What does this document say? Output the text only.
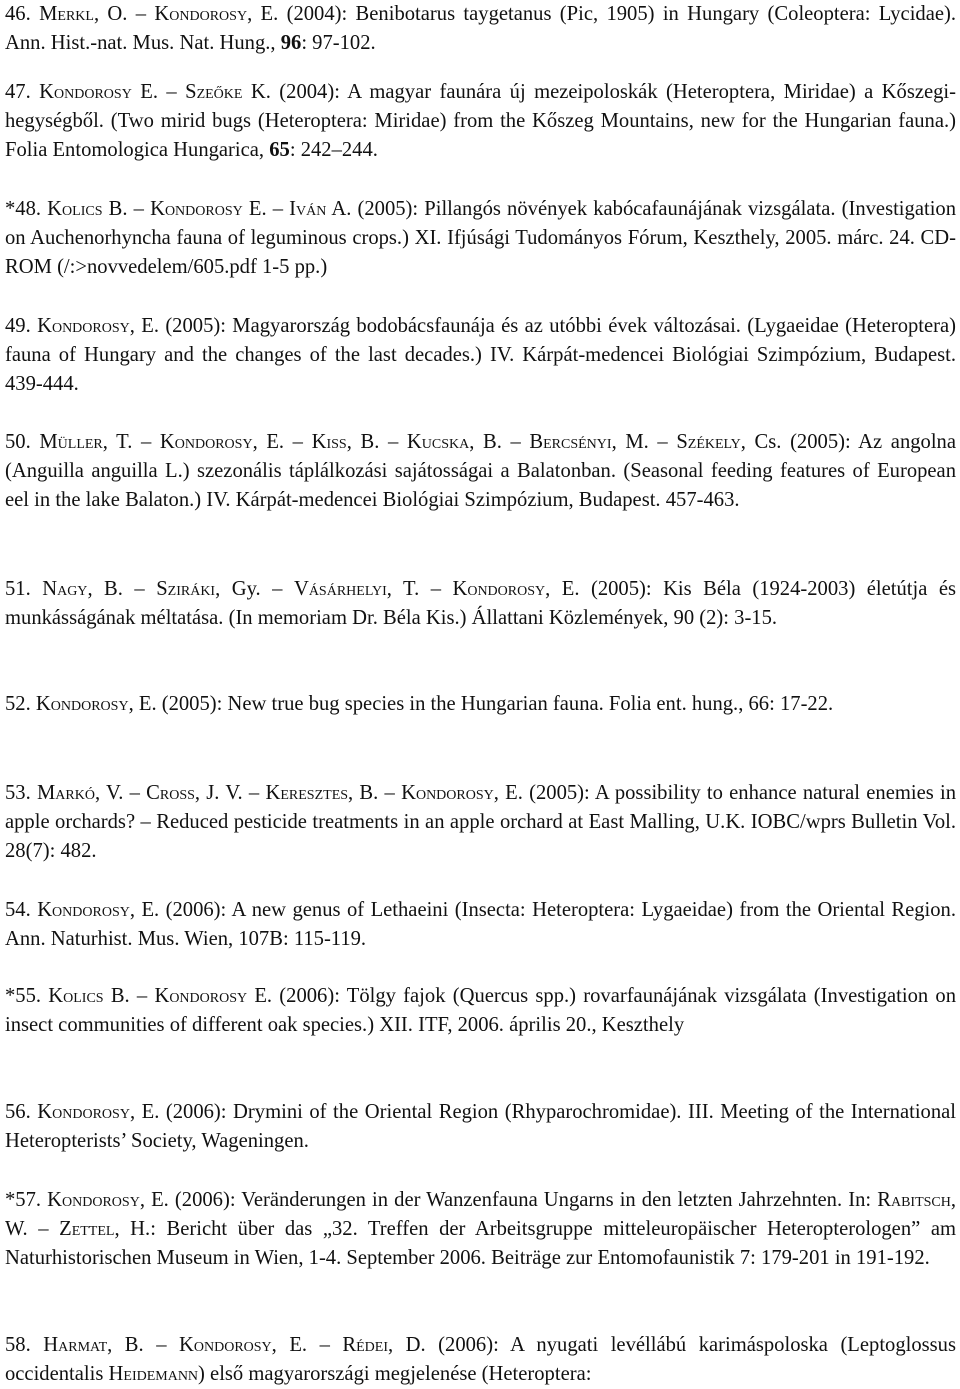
46. Merkl, O. – Kondorosy, E. (2004): Benibotarus taygetanus (Pic, 1905) in Hungary (Coleoptera: Lycidae). Ann. Hist.-nat. Mus. Nat. Hung., 96: 97-102.

47. Kondorosy E. – Szeőke K. (2004): A magyar faunára új mezeipoloskák (Heteroptera, Miridae) a Kőszegi-hegységből. (Two mirid bugs (Heteroptera: Miridae) from the Kőszeg Mountains, new for the Hungarian fauna.) Folia Entomologica Hungarica, 65: 242–244.

*48. Kolics B. – Kondorosy E. – Iván A. (2005): Pillangós növények kabócafaunájának vizsgálata. (Investigation on Auchenorhyncha fauna of leguminous crops.) XI. Ifjúsági Tudományos Fórum, Keszthely, 2005. márc. 24. CD-ROM (/:>novvedelem/605.pdf 1-5 pp.)

49. Kondorosy, E. (2005): Magyarország bodobácsfaunája és az utóbbi évek változásai. (Lygaeidae (Heteroptera) fauna of Hungary and the changes of the last decades.) IV. Kárpát-medencei Biológiai Szimpózium, Budapest. 439-444.

50. Müller, T. – Kondorosy, E. – Kiss, B. – Kucska, B. – Bercsényi, M. – Székely, Cs. (2005): Az angolna (Anguilla anguilla L.) szezonális táplálkozási sajátosságai a Balatonban. (Seasonal feeding features of European eel in the lake Balaton.) IV. Kárpát-medencei Biológiai Szimpózium, Budapest. 457-463.

51. Nagy, B. – Sziráki, Gy. – Vásárhelyi, T. – Kondorosy, E. (2005): Kis Béla (1924-2003) életútja és munkásságának méltatása. (In memoriam Dr. Béla Kis.) Állattani Közlemények, 90 (2): 3-15.

52. Kondorosy, E. (2005): New true bug species in the Hungarian fauna. Folia ent. hung., 66: 17-22.

53. Markó, V. – Cross, J. V. – Keresztes, B. – Kondorosy, E. (2005): A possibility to enhance natural enemies in apple orchards? – Reduced pesticide treatments in an apple orchard at East Malling, U.K. IOBC/wprs Bulletin Vol. 28(7): 482.

54. Kondorosy, E. (2006): A new genus of Lethaeini (Insecta: Heteroptera: Lygaeidae) from the Oriental Region. Ann. Naturhist. Mus. Wien, 107B: 115-119.

*55. Kolics B. – Kondorosy E. (2006): Tölgy fajok (Quercus spp.) rovarfaunájának vizsgálata (Investigation on insect communities of different oak species.) XII. ITF, 2006. április 20., Keszthely

56. Kondorosy, E. (2006): Drymini of the Oriental Region (Rhyparochromidae). III. Meeting of the International Heteropterists’ Society, Wageningen.

*57. Kondorosy, E. (2006): Veränderungen in der Wanzenfauna Ungarns in den letzten Jahrzehnten. In: Rabitsch, W. – Zettel, H.: Bericht über das „32. Treffen der Arbeitsgruppe mitteleuropäischer Heteropterologen” am Naturhistorischen Museum in Wien, 1-4. September 2006. Beiträge zur Entomofaunistik 7: 179-201 in 191-192.

58. Harmat, B. – Kondorosy, E. – Rédei, D. (2006): A nyugati levéllábú karimáspoloska (Leptoglossus occidentalis Heidemann) első magyarországi megjelenése (Heteroptera:
